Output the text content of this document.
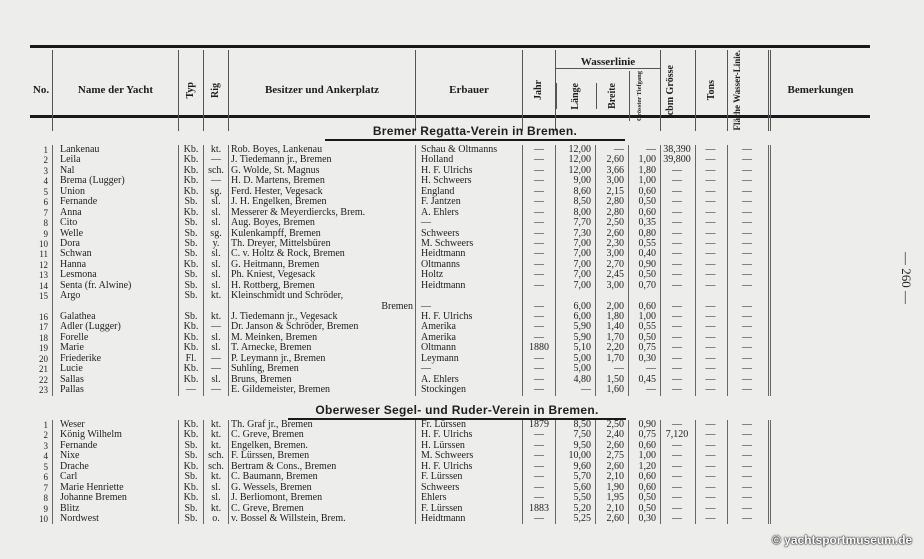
No.	Name der Yacht	Typ Rig	Besitzer und Ankerplatz	Erbauer	Jahr
Wasserlinie
Länge	Breite	Grösster Tiefgang	cbm Grösse	Tons Fläche Wasser-Linie.	Bemerkungen
Bremer Regatta-Verein in Bremen.
1	Lankenau	Kb.	kt. Rob. Boyes, Lankenau	Schau & Oltmanns	—	12,00	—	— 38,390	—	—
2	Leila	Kb.	—	J. Tiedemann jr., Bremen	Holland	—	12,00	2,60	1,00 39,800	—	—
3	Nal	Kb. sch. G. Wolde, St. Magnus	H. F. Ulrichs	—	12,00	3,66	1,80	—	—	—
4	Brema (Lugger)	Kb.	—	H. D. Martens, Bremen	H. Schweers	—	9,00	3,00	1,00	—	—	—
5	Union	Kb.	sg. Ferd. Hester, Vegesack	England	—	8,60	2,15	0,60	—	—	—
6	Fernande	Sb.	sl.	J. H. Engelken, Bremen	F. Jantzen	—	8,50	2,80	0,50	—	—	—
7	Anna	Kb.	sl.	Messerer & Meyerdiercks, Brem.	A. Ehlers	—	8,00	2,80	0,60	—	—	—
8	Cito	Sb.	sl.	Aug. Boyes, Bremen	—	—	7,70	2,50	0,35	—	—	—
9	Welle	Sb.	sg. Kulenkampff, Bremen	Schweers	—	7,30	2,60	0,80	—	—	—
10	Dora	Sb.	y.	Th. Dreyer, Mittelsbüren	M. Schweers	—	7,00	2,30	0,55	—	—	—
11	Schwan	Sb.	sl.	C. v. Holtz & Rock, Bremen	Heidtmann	—	7,00	3,00	0,40	—	—	—
12	Hanna	Kb.	sl.	G. Heitmann, Bremen	Oltmanns	—	7,00	2,70	0,90	—	—	—
13	Lesmona	Sb.	sl.	Ph. Kniest, Vegesack	Holtz	—	7,00	2,45	0,50	—	—	—
14	Senta (fr. Alwine)	Sb.	sl.	H. Rottberg, Bremen	Heidtmann	—	7,00	3,00	0,70	—	—	—
15	Argo	Sb.	kt. Kleinschmidt und Schröder,
Bremen —	—	6,00	2,00	0,60	—	—	—
16	Galathea	Sb.	kt. J. Tiedemann jr., Vegesack	H. F. Ulrichs	—	6,00	1,80	1,00	—	—	—
17	Adler (Lugger)	Kb.	—	Dr. Janson & Schröder, Bremen	Amerika	—	5,90	1,40	0,55	—	—	—
18	Forelle	Kb.	sl.	M. Meinken, Bremen	Amerika	—	5,90	1,70	0,50	—	—	—
19	Marie	Kb.	sl.	T. Arnecke, Bremen	Oltmann	1880	5,10	2,20	0,75	—	—	—
20	Friederike	Fl.	—	P. Leymann jr., Bremen	Leymann	—	5,00	1,70	0,30	—	—	—
21	Lucie	Kb.	—	Suhling, Bremen	—	—	5,00	—	—	—	—	—
22	Sallas	Kb.	sl.	Bruns, Bremen	A. Ehlers	—	4,80	1,50	0,45	—	—	—
23	Pallas	—	—	E. Gildemeister, Bremen	Stockingen	—	—	1,60	—	—	—	—
Oberweser Segel- und Ruder-Verein in Bremen.
1	Weser	Kb.	kt. Th. Graf jr., Bremen	Fr. Lürssen	1879	8,50	2,50	0,90	—	—	—
2	König Wilhelm	Kb.	kt. C. Greve, Bremen	H. F. Ulrichs	—	7,50	2,40	0,75 7,120	—	—
3	Fernande	Sb.	kt. Engelken, Bremen.	H. Lürssen	—	9,50	2,60	0,60	—	—	—
4	Nixe	Sb.	sch. F. Lürssen, Bremen	M. Schweers	—	10,00	2,75	1,00	—	—	—
5	Drache	Kb. sch. Bertram & Cons., Bremen	H. F. Ulrichs	—	9,60	2,60	1,20	—	—	—
6	Carl	Sb.	kt. C. Baumann, Bremen	F. Lürssen	—	5,70	2,10	0,60	—	—	—
7	Marie Henriette	Kb.	sl.	G. Wessels, Bremen	Schweers	—	5,60	1,90	0,60	—	—	—
8	Johanne Bremen	Kb.	sl.	J. Berliomont, Bremen	Ehlers	—	5,50	1,95	0,50	—	—	—
9	Blitz	Sb.	kt. C. Greve, Bremen	F. Lürssen	1883	5,20	2,10	0,50	—	—	—
10	Nordwest	Sb.	o.	v. Bossel & Willstein, Brem.	Heidtmann	—	5,25	2,60	0,30	—	—	—
— 260 —
© yachtsportmuseum.de
